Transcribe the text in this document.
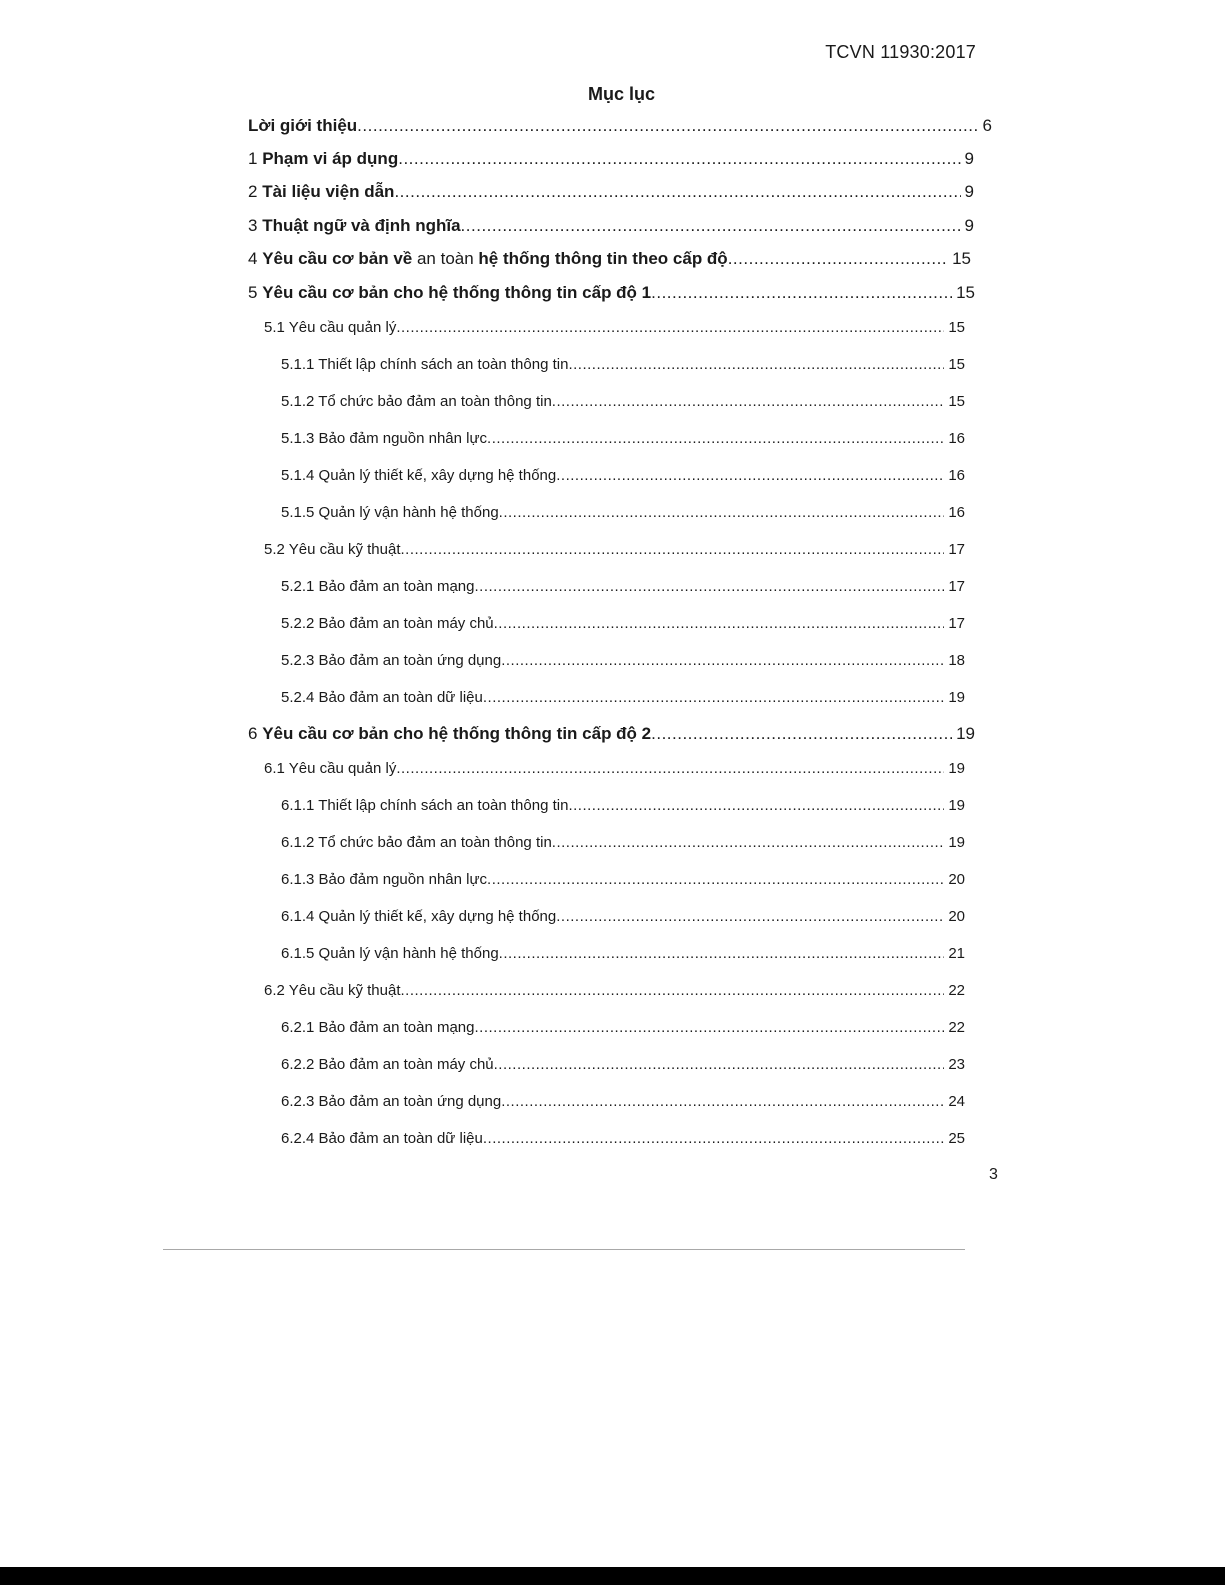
TCVN 11930:2017
Mục lục
Lời giới thiệu .....	6
1 Phạm vi áp dụng .....	9
2 Tài liệu viện dẫn .....	9
3 Thuật ngữ và định nghĩa .....	9
4 Yêu cầu cơ bản về an toàn hệ thống thông tin theo cấp độ .....	15
5 Yêu cầu cơ bản cho hệ thống thông tin cấp độ 1 .....	15
5.1 Yêu cầu quản lý .....	15
5.1.1 Thiết lập chính sách an toàn thông tin .....	15
5.1.2 Tổ chức bảo đảm an toàn thông tin .....	15
5.1.3 Bảo đảm nguồn nhân lực .....	16
5.1.4 Quản lý thiết kế, xây dựng hệ thống .....	16
5.1.5 Quản lý vận hành hệ thống .....	16
5.2 Yêu cầu kỹ thuật .....	17
5.2.1 Bảo đảm an toàn mạng .....	17
5.2.2 Bảo đảm an toàn máy chủ .....	17
5.2.3 Bảo đảm an toàn ứng dụng .....	18
5.2.4 Bảo đảm an toàn dữ liệu .....	19
6 Yêu cầu cơ bản cho hệ thống thông tin cấp độ 2 .....	19
6.1 Yêu cầu quản lý .....	19
6.1.1 Thiết lập chính sách an toàn thông tin .....	19
6.1.2 Tổ chức bảo đảm an toàn thông tin .....	19
6.1.3 Bảo đảm nguồn nhân lực .....	20
6.1.4 Quản lý thiết kế, xây dựng hệ thống .....	20
6.1.5 Quản lý vận hành hệ thống .....	21
6.2 Yêu cầu kỹ thuật .....	22
6.2.1 Bảo đảm an toàn mạng .....	22
6.2.2 Bảo đảm an toàn máy chủ .....	23
6.2.3 Bảo đảm an toàn ứng dụng .....	24
6.2.4 Bảo đảm an toàn dữ liệu .....	25
3
